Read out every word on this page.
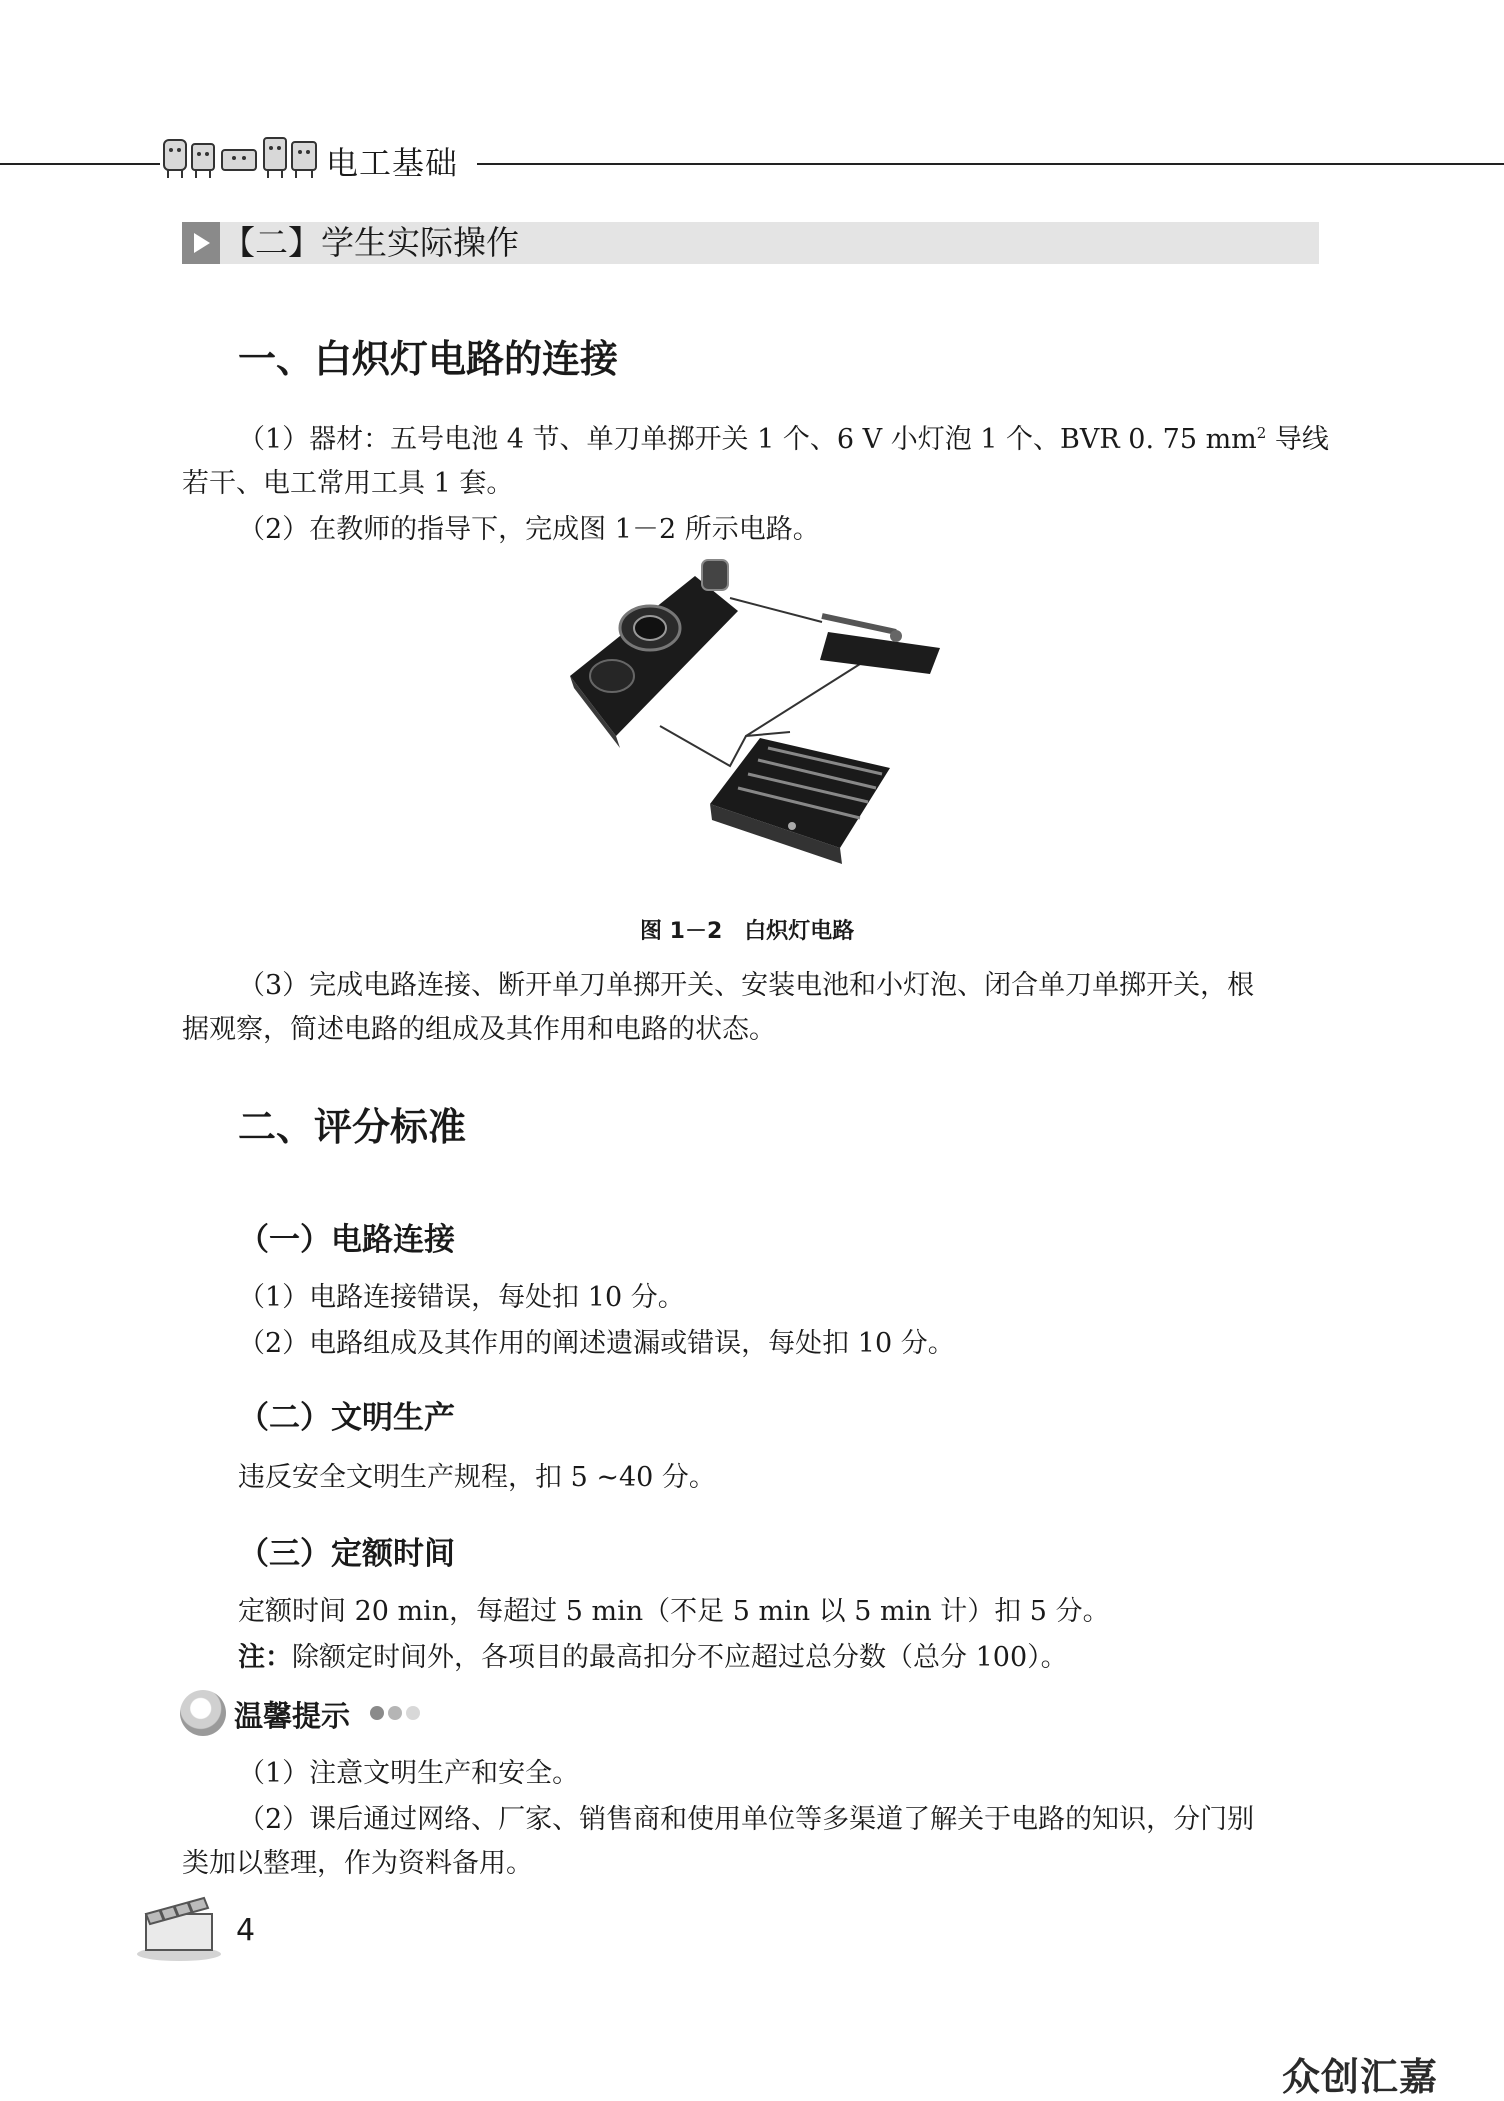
电工基础
【二】学生实际操作
一、白炽灯电路的连接
（1）器材：五号电池 4 节、单刀单掷开关 1 个、6 V 小灯泡 1 个、BVR 0. 75 $mm^2$ 导线
若干、电工常用工具 1 套。
（2）在教师的指导下，完成图 1－2 所示电路。
图 1－2　白炽灯电路
（3）完成电路连接、断开单刀单掷开关、安装电池和小灯泡、闭合单刀单掷开关，根
据观察，简述电路的组成及其作用和电路的状态。
二、评分标准
（一）电路连接
（1）电路连接错误，每处扣 10 分。
（2）电路组成及其作用的阐述遗漏或错误，每处扣 10 分。
（二）文明生产
违反安全文明生产规程，扣 5 ~40 分。
（三）定额时间
定额时间 20 min，每超过 5 min（不足 5 min 以 5 min 计）扣 5 分。
注：除额定时间外，各项目的最高扣分不应超过总分数（总分 100）。
温馨提示
（1）注意文明生产和安全。
（2）课后通过网络、厂家、销售商和使用单位等多渠道了解关于电路的知识，分门别
类加以整理，作为资料备用。
4
众创汇嘉
